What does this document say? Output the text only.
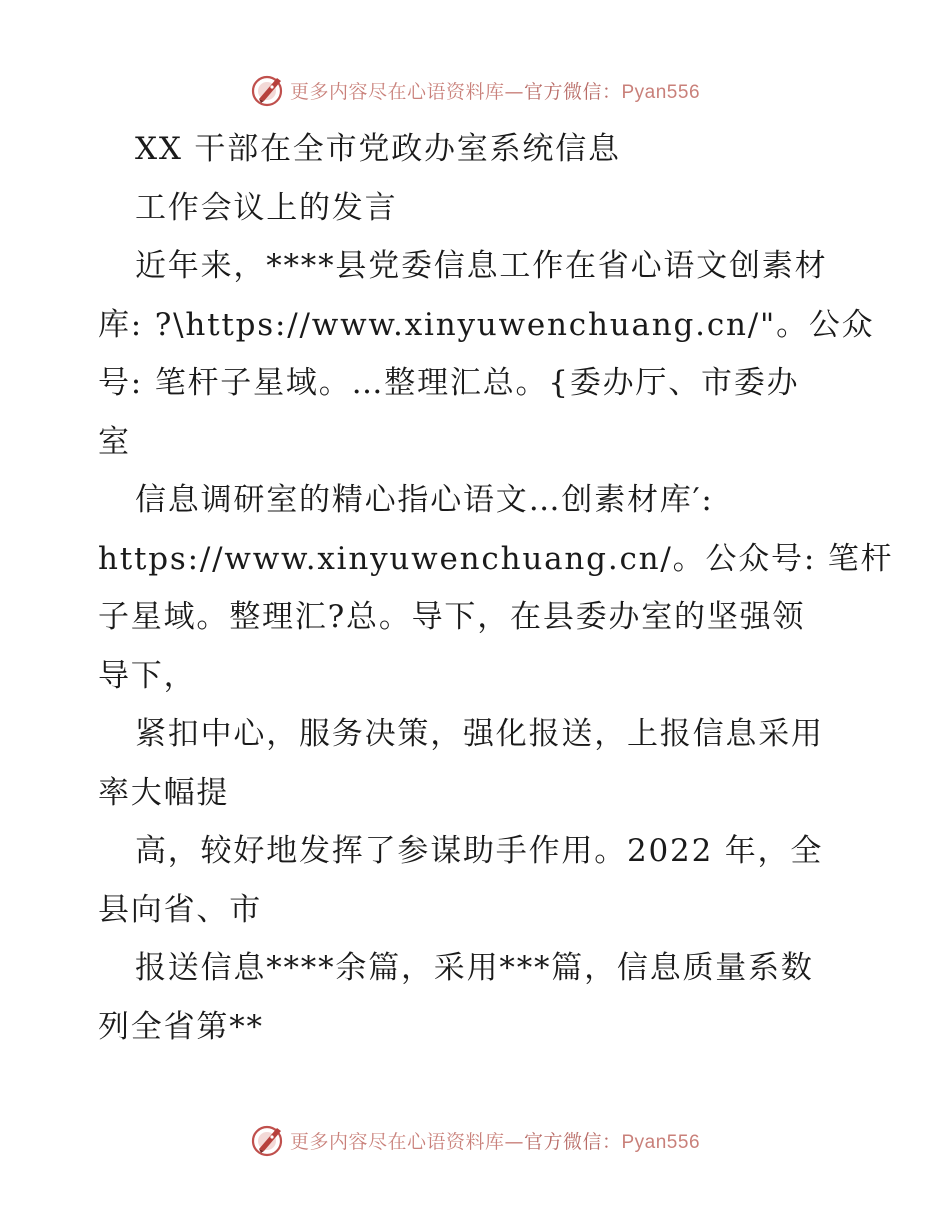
更多内容尽在心语资料库—官方微信：Pyan556
XX 干部在全市党政办室系统信息
工作会议上的发言
近年来，****县党委信息工作在省心语文创素材
库: ?\https://www.xinyuwenchuang.cn/"。公众
号: 笔杆子星域。…整理汇总。{委办厅、市委办
室
信息调研室的精心指心语文…创素材库′:
https://www.xinyuwenchuang.cn/。公众号: 笔杆
子星域。整理汇?总。导下，在县委办室的坚强领
导下，
紧扣中心，服务决策，强化报送，上报信息采用
率大幅提
高，较好地发挥了参谋助手作用。2022 年，全
县向省、市
报送信息****余篇，采用***篇，信息质量系数
列全省第**
更多内容尽在心语资料库—官方微信：Pyan556
